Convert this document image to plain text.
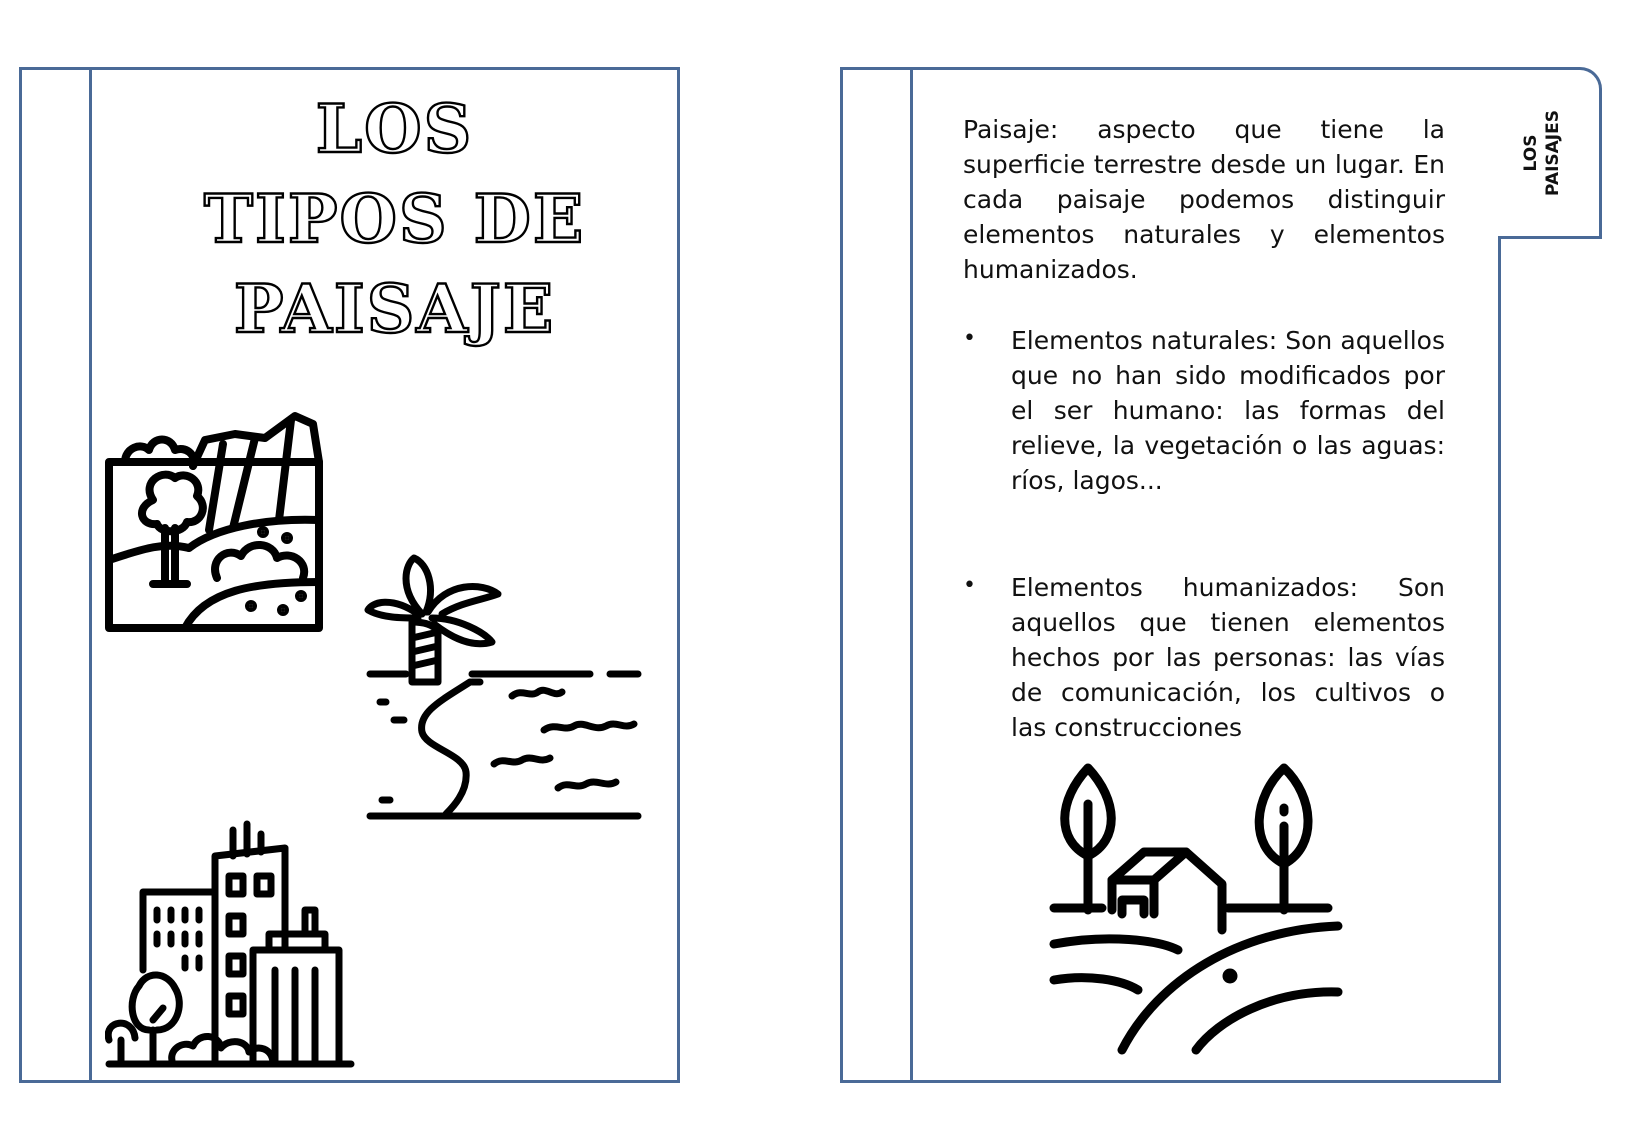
LOS
TIPOS DE
PAISAJE
Paisaje: aspecto que tiene la superficie terrestre desde un lugar. En cada paisaje podemos distinguir elementos naturales y elementos humanizados.
• Elementos naturales: Son aquellos que no han sido modificados por el ser humano: las formas del relieve, la vegetación o las aguas: ríos, lagos...
• Elementos humanizados: Son aquellos que tienen elementos hechos por las personas: las vías de comunicación, los cultivos o las construcciones
LOS
PAISAJES
